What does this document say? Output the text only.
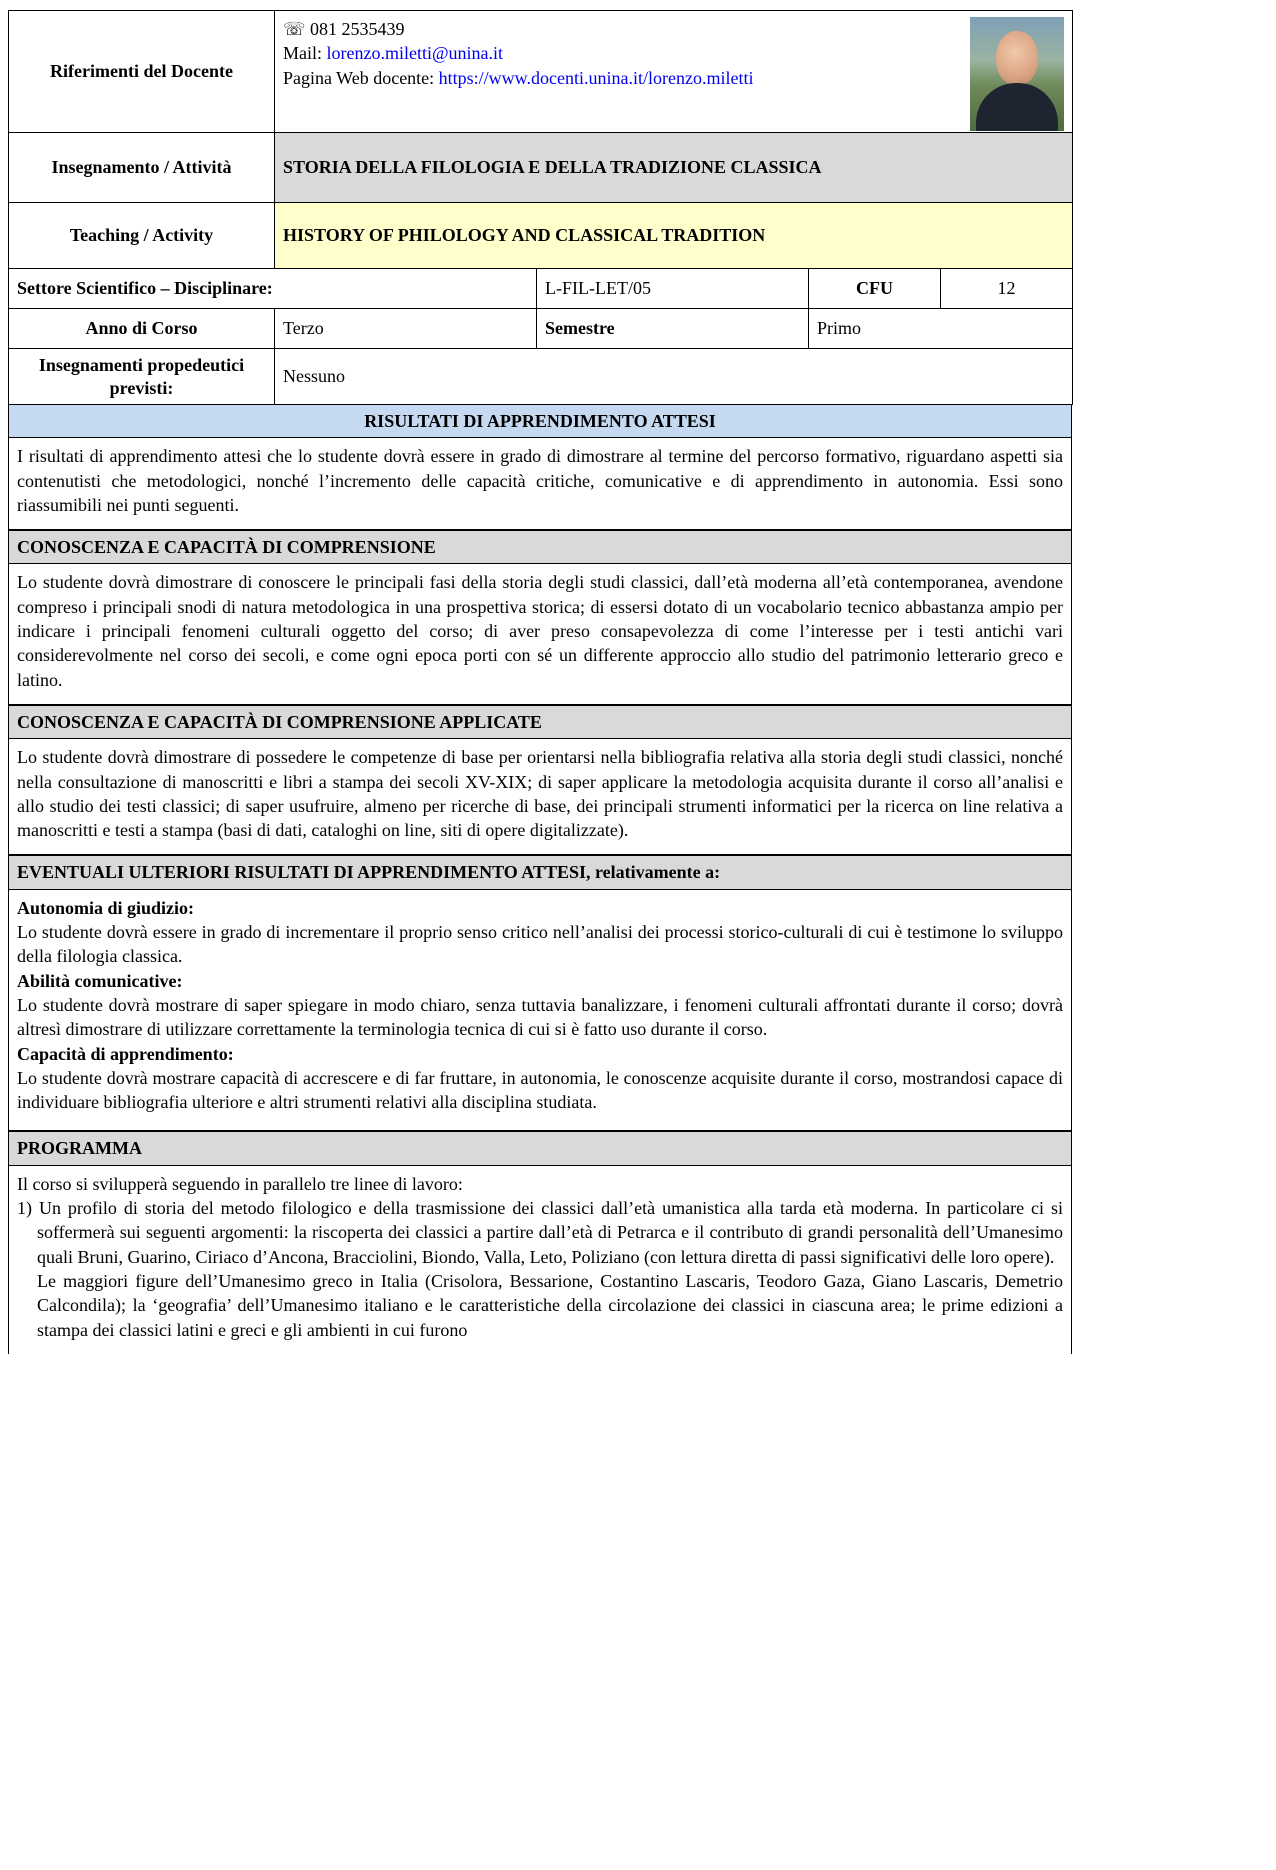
Riferimenti del Docente	☏ 081 2535439
Mail: lorenzo.miletti@unina.it
Pagina Web docente: https://www.docenti.unina.it/lorenzo.miletti			

Insegnamento / Attività	STORIA DELLA FILOLOGIA E DELLA TRADIZIONE CLASSICA			
Teaching / Activity	HISTORY OF PHILOLOGY AND CLASSICAL TRADITION			
Settore Scientifico – Disciplinare:		L-FIL-LET/05	CFU	12
Anno di Corso	Terzo	Semestre	Primo	
Insegnamenti propedeutici previsti:	Nessuno			
RISULTATI DI APPRENDIMENTO ATTESI

I risultati di apprendimento attesi che lo studente dovrà essere in grado di dimostrare al termine del percorso formativo, riguardano aspetti sia contenutisti che metodologici, nonché l’incremento delle capacità critiche, comunicative e di apprendimento in autonomia. Essi sono riassumibili nei punti seguenti.

CONOSCENZA E CAPACITÀ DI COMPRENSIONE

Lo studente dovrà dimostrare di conoscere le principali fasi della storia degli studi classici, dall’età moderna all’età contemporanea, avendone compreso i principali snodi di natura metodologica in una prospettiva storica; di essersi dotato di un vocabolario tecnico abbastanza ampio per indicare i principali fenomeni culturali oggetto del corso; di aver preso consapevolezza di come l’interesse per i testi antichi vari considerevolmente nel corso dei secoli, e come ogni epoca porti con sé un differente approccio allo studio del patrimonio letterario greco e latino.

CONOSCENZA E CAPACITÀ DI COMPRENSIONE APPLICATE

Lo studente dovrà dimostrare di possedere le competenze di base per orientarsi nella bibliografia relativa alla storia degli studi classici, nonché nella consultazione di manoscritti e libri a stampa dei secoli XV-XIX; di saper applicare la metodologia acquisita durante il corso all’analisi e allo studio dei testi classici; di saper usufruire, almeno per ricerche di base, dei principali strumenti informatici per la ricerca on line relativa a manoscritti e testi a stampa (basi di dati, cataloghi on line, siti di opere digitalizzate).

EVENTUALI ULTERIORI RISULTATI DI APPRENDIMENTO ATTESI, relativamente a:
Autonomia di giudizio:

Lo studente dovrà essere in grado di incrementare il proprio senso critico nell’analisi dei processi storico-culturali di cui è testimone lo sviluppo della filologia classica.

Abilità comunicative:

Lo studente dovrà mostrare di saper spiegare in modo chiaro, senza tuttavia banalizzare, i fenomeni culturali affrontati durante il corso; dovrà altresì dimostrare di utilizzare correttamente la terminologia tecnica di cui si è fatto uso durante il corso.

Capacità di apprendimento:

Lo studente dovrà mostrare capacità di accrescere e di far fruttare, in autonomia, le conoscenze acquisite durante il corso, mostrandosi capace di individuare bibliografia ulteriore e altri strumenti relativi alla disciplina studiata.

PROGRAMMA

Il corso si svilupperà seguendo in parallelo tre linee di lavoro:

1) Un profilo di storia del metodo filologico e della trasmissione dei classici dall’età umanistica alla tarda età moderna. In particolare ci si soffermerà sui seguenti argomenti: la riscoperta dei classici a partire dall’età di Petrarca e il contributo di grandi personalità dell’Umanesimo quali Bruni, Guarino, Ciriaco d’Ancona, Bracciolini, Biondo, Valla, Leto, Poliziano (con lettura diretta di passi significativi delle loro opere).

Le maggiori figure dell’Umanesimo greco in Italia (Crisolora, Bessarione, Costantino Lascaris, Teodoro Gaza, Giano Lascaris, Demetrio Calcondila); la ‘geografia’ dell’Umanesimo italiano e le caratteristiche della circolazione dei classici in ciascuna area; le prime edizioni a stampa dei classici latini e greci e gli ambienti in cui furono
